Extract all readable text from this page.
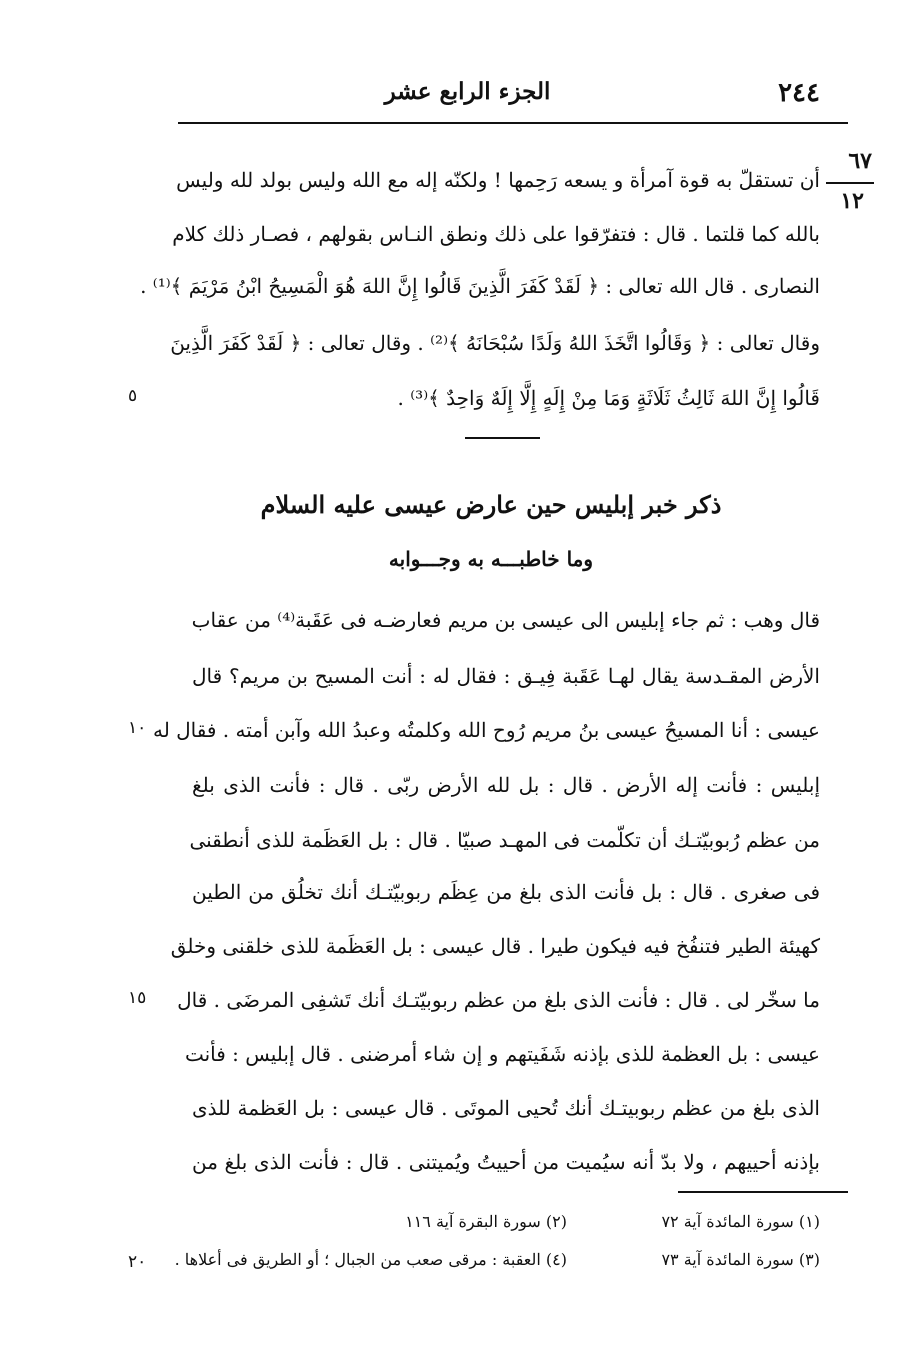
٢٤٤
الجزء الرابع عشر
٦٧
١٢
أن تستقلّ به قوة آمرأة و يسعه رَحِمها ! ولكنّه إله مع الله وليس بولد لله وليس
بالله كما قلتما . قال : فتفرّقوا على ذلك ونطق النـاس بقولهم ، فصـار ذلك كلام
النصارى . قال الله تعالى : ﴿ لَقَدْ كَفَرَ الَّذِينَ قَالُوا إِنَّ اللهَ هُوَ الْمَسِيحُ ابْنُ مَرْيَمَ ﴾⁽¹⁾ .
وقال تعالى : ﴿ وَقَالُوا اتَّخَذَ اللهُ وَلَدًا سُبْحَانَهُ ﴾⁽²⁾ . وقال تعالى : ﴿ لَقَدْ كَفَرَ الَّذِينَ
قَالُوا إِنَّ اللهَ ثَالِثُ ثَلَاثَةٍ وَمَا مِنْ إِلَهٍ إِلَّا إِلَهٌ وَاحِدٌ ﴾⁽³⁾ .
٥
ذكر خبر إبليس حين عارض عيسى عليه السلام
وما خاطبـــه به وجـــوابه
قال وهب : ثم جاء إبليس الى عيسى بن مريم فعارضـه فى عَقَبة⁽⁴⁾ من عقاب
الأرض المقـدسة يقال لهـا عَقَبة فِيـق : فقال له : أنت المسيح بن مريم؟ قال
عيسى : أنا المسيحُ عيسى بنُ مريم رُوح الله وكلمتُه وعبدُ الله وآبن أمته . فقال له
إبليس : فأنت إله الأرض . قال : بل لله الأرض ربّى . قال : فأنت الذى بلغ
من عظم رُبوبيّتـك أن تكلّمت فى المهـد صبيّا . قال : بل العَظَمة للذى أنطقنى
فى صغرى . قال : بل فأنت الذى بلغ من عِظَم ربوبيّتـك أنك تخلُق من الطين
كهيئة الطير فتنفُخ فيه فيكون طيرا . قال عيسى : بل العَظَمة للذى خلقنى وخلق
ما سخّر لى . قال : فأنت الذى بلغ من عظم ربوبيّتـك أنك تَشفِى المرضَى . قال
عيسى : بل العظمة للذى بإذنه شَفَيتهم و إن شاء أمرضنى . قال إبليس : فأنت
الذى بلغ من عظم ربوبيتـك أنك تُحيى الموتَى . قال عيسى : بل العَظمة للذى
بإذنه أحييهم ، ولا بدّ أنه سيُميت من أحييتُ ويُميتنى . قال : فأنت الذى بلغ من
١٠
١٥
(١) سورة المائدة آية ٧٢
(٢) سورة البقرة آية ١١٦
(٣) سورة المائدة آية ٧٣
(٤) العقبة : مرقى صعب من الجبال ؛ أو الطريق فى أعلاها .
٢٠
